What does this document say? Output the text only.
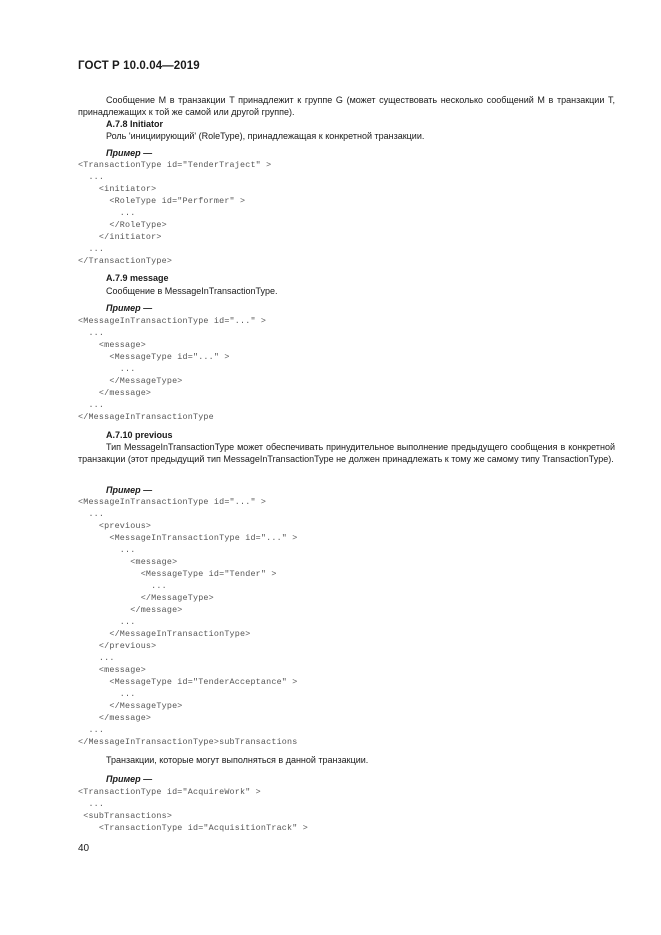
ГОСТ Р 10.0.04—2019
Сообщение M в транзакции T принадлежит к группе G (может существовать несколько сообщений M в транзакции T, принадлежащих к той же самой или другой группе).
A.7.8 Initiator
Роль 'инициирующий' (RoleType), принадлежащая к конкретной транзакции.
Пример —
<TransactionType id="TenderTraject" >
...
<initiator>
<RoleType id="Performer" >
...
</RoleType>
</initiator>
...
</TransactionType>
A.7.9 message
Сообщение в MessageInTransactionType.
Пример —
<MessageInTransactionType id="..." >
...
<message>
<MessageType id="..." >
...
</MessageType>
</message>
...
</MessageInTransactionType
A.7.10 previous
Тип MessageInTransactionType может обеспечивать принудительное выполнение предыдущего сообщения в конкретной транзакции (этот предыдущий тип MessageInTransactionType не должен принадлежать к тому же самому типу TransactionType).
Пример —
<MessageInTransactionType id="..." >
...
<previous>
<MessageInTransactionType id="..." >
...
<message>
<MessageType id="Tender" >
...
</MessageType>
</message>
...
</MessageInTransactionType>
</previous>
...
<message>
<MessageType id="TenderAcceptance" >
...
</MessageType>
</message>
...
</MessageInTransactionType>subTransactions
Транзакции, которые могут выполняться в данной транзакции.
Пример —
<TransactionType id="AcquireWork" >
...
<subTransactions>
<TransactionType id="AcquisitionTrack" >
40
